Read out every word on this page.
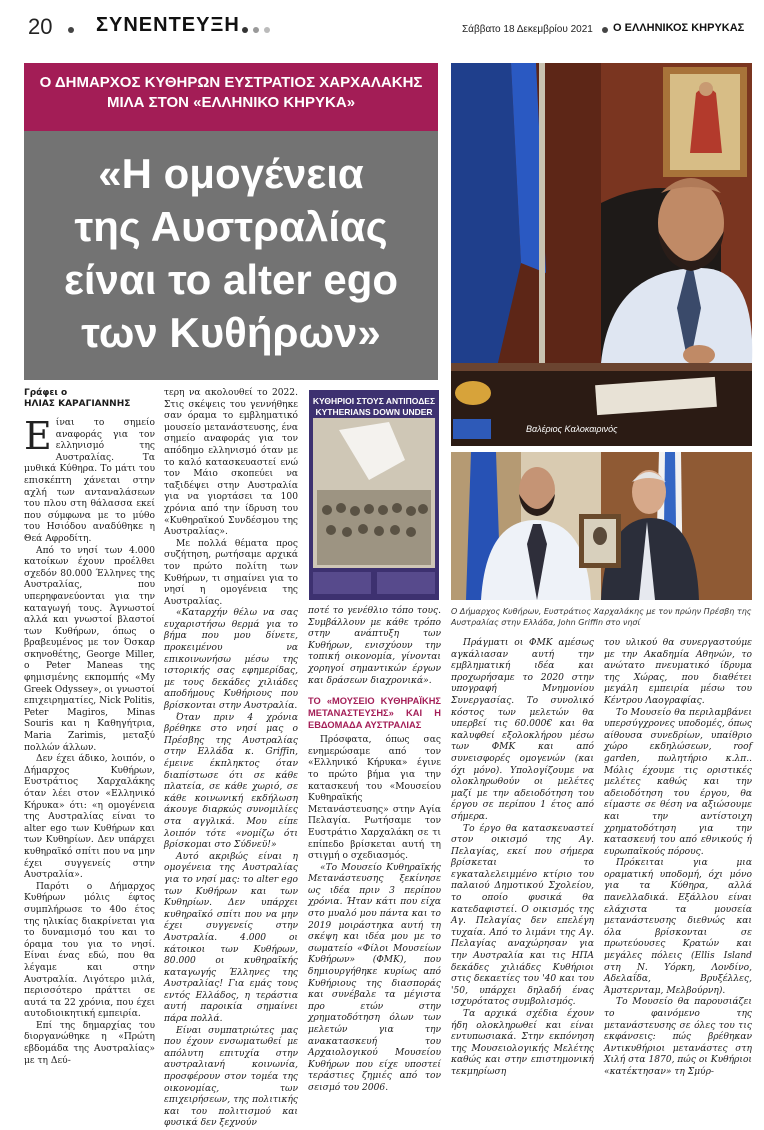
20 ΣΥΝΕΝΤΕΥΞΗ	Σάββατο 18 Δεκεμβρίου 2021 Ο ΕΛΛΗΝΙΚΟΣ ΚΗΡΥΚΑΣ
Ο ΔΗΜΑΡΧΟΣ ΚΥΘΗΡΩΝ ΕΥΣΤΡΑΤΙΟΣ ΧΑΡΧΑΛΑΚΗΣ
ΜΙΛΑ ΣΤΟΝ «ΕΛΛΗΝΙΚΟ ΚΗΡΥΚΑ»
«Η ομογένεια
της Αυστραλίας
είναι το alter ego
των Κυθήρων»
Βαλέριος Καλοκαιρινός
Ο Δήμαρχος Κυθήρων, Ευστράτιος Χαρχαλάκης με τον πρώην Πρέσβη της Αυστραλίας στην Ελλάδα, John Griffin στο νησί
ΚΥΘΗΡΙΟΙ ΣΤΟΥΣ ΑΝΤΙΠΟΔΕΣ
KYTHERIANS DOWN UNDER
Γράφει ο
ΗΛΙΑΣ ΚΑΡΑΓΙΑΝΝΗΣ

Είναι το σημείο αναφοράς για τον ελληνισμό της Αυστραλίας. Τα μυθικά Κύθηρα. Το μάτι του επισκέπτη χάνεται στην αχλή των ανταναλάσεων του πλου στη θάλασσα εκεί που σύμφωνα με το μύθο του Ησιόδου αναδύθηκε η Θεά Αφροδίτη.

Από το νησί των 4.000 κατοίκων έχουν προέλθει σχεδόν 80.000 Έλληνες της Αυστραλίας, που υπερηφανεύονται για την καταγωγή τους. Άγνωστοί αλλά και γνωστοί βλαστοί των Κυθήρων, όπως ο βραβευμένος με τον Όσκαρ σκηνοθέτης, George Miller, ο Peter Maneas της φημισμένης εκπομπής «My Greek Odyssey», οι γνωστοί επιχειρηματίες, Nick Politis, Peter Magiros, Minas Souris και η Καθηγήτρια, Maria Zarimis, μεταξύ πολλών άλλων.

Δεν έχει άδικο, λοιπόν, ο Δήμαρχος Κυθήρων, Ευστράτιος Χαρχαλάκης όταν λέει στον «Ελληνικό Κήρυκα» ότι: «η ομογένεια της Αυστραλίας είναι το alter ego των Κυθήρων και των Κυθηρίων. Δεν υπάρχει κυθηραϊκό σπίτι που να μην έχει συγγενείς στην Αυστραλία».

Παρότι ο Δήμαρχος Κυθήρων μόλις έφτος συμπλήρωσε το 40ο έτος της ηλικίας διακρίνεται για το δυναμισμό του και το όραμα του για το νησί. Είναι ένας εδώ, που θα λέγαμε και στην Αυστραλία. Λιγότερο μιλά, περισσότερο πράττει σε αυτά τα 22 χρόνια, που έχει αυτοδιοικητική εμπειρία.

Επί της δημαρχίας του διοργανώθηκε η «Πρώτη εβδομάδα της Αυστραλίας» με τη Δεύ-

τερη να ακολουθεί το 2022. Στις σκέψεις του γεννήθηκε σαν όραμα το εμβληματικό μουσείο μετανάστευσης, ένα σημείο αναφοράς για τον απόδημο ελληνισμό όταν με το καλό κατασκευαστεί ενώ τον Μάιο σκοπεύει να ταξιδέψει στην Αυστραλία για να γιορτάσει τα 100 χρόνια από την ίδρυση του «Κυθηραϊκού Συνδέσμου της Αυστραλίας».

Με πολλά θέματα προς συζήτηση, ρωτήσαμε αρχικά τον πρώτο πολίτη των Κυθήρων, τι σημαίνει για το νησί η ομογένεια της Αυστραλίας.

«Καταρχήν θέλω να σας ευχαριστήσω θερμά για το βήμα που μου δίνετε, προκειμένου να επικοινωνήσω μέσω της ιστορικής σας εφημερίδας, με τους δεκάδες χιλιάδες αποδήμους Κυθήριους που βρίσκονται στην Αυστραλία.

Όταν πριν 4 χρόνια βρέθηκε στο νησί μας ο Πρέσβης της Αυστραλίας στην Ελλάδα κ. Griffin, έμεινε έκπληκτος όταν διαπίστωσε ότι σε κάθε πλατεία, σε κάθε χωριό, σε κάθε κοινωνική εκδήλωση άκουγε διαρκώς συνομιλίες στα αγγλικά. Μου είπε λοιπόν τότε «νομίζω ότι βρίσκομαι στο Σύδνεϋ!»

Αυτό ακριβώς είναι η ομογένεια της Αυστραλίας για το νησί μας: το alter ego των Κυθήρων και των Κυθηρίων. Δεν υπάρχει κυθηραϊκό σπίτι που να μην έχει συγγενείς στην Αυστραλία. 4.000 οι κάτοικοι των Κυθήρων, 80.000 οι κυθηραϊκής καταγωγής Έλληνες της Αυστραλίας! Για εμάς τους εντός Ελλάδος, η τεράστια αυτή παροικία σημαίνει πάρα πολλά.

Είναι συμπατριώτες μας που έχουν ενσωματωθεί με απόλυτη επιτυχία στην αυστραλιανή κοινωνία, προσφέρουν στον τομέα της οικονομίας, των επιχειρήσεων, της πολιτικής και του πολιτισμού και φυσικά δεν ξεχνούν

ποτέ το γενέθλιο τόπο τους. Συμβάλλουν με κάθε τρόπο στην ανάπτυξη των Κυθήρων, ενισχύουν την τοπική οικονομία, γίνονται χορηγοί σημαντικών έργων και δράσεων διαχρονικά».

ΤΟ «ΜΟΥΣΕΙΟ ΚΥΘΗΡΑΪΚΗΣ ΜΕΤΑΝΑΣΤΕΥΣΗΣ» ΚΑΙ Η ΕΒΔΟΜΑΔΑ ΑΥΣΤΡΑΛΙΑΣ

Πρόσφατα, όπως σας ενημερώσαμε από τον «Ελληνικό Κήρυκα» έγινε το πρώτο βήμα για την κατασκευή του «Μουσείου Κυθηραϊκής Μετανάστευσης» στην Αγία Πελαγία. Ρωτήσαμε τον Ευστράτιο Χαρχαλάκη σε τι επίπεδο βρίσκεται αυτή τη στιγμή ο σχεδιασμός.

«Το Μουσείο Κυθηραϊκής Μετανάστευσης ξεκίνησε ως ιδέα πριν 3 περίπου χρόνια. Ήταν κάτι που είχα στο μυαλό μου πάντα και το 2019 μοιράστηκα αυτή τη σκέψη και ιδέα μου με το σωματείο «Φίλοι Μουσείων Κυθήρων» (ΦΜΚ), που δημιουργήθηκε κυρίως από Κυθήριους της διασποράς και συνέβαλε τα μέγιστα προ ετών στην χρηματοδότηση όλων των μελετών για την ανακατασκευή του Αρχαιολογικού Μουσείου Κυθήρων που είχε υποστεί τεράστιες ζημιές από τον σεισμό του 2006.

Πράγματι οι ΦΜΚ αμέσως αγκάλιασαν αυτή την εμβληματική ιδέα και προχωρήσαμε το 2020 στην υπογραφή Μνημονίου Συνεργασίας. Το συνολικό κόστος των μελετών θα υπερβεί τις 60.000€ και θα καλυφθεί εξολοκλήρου μέσω των ΦΜΚ και από συνεισφορές ομογενών (και όχι μόνο). Υπολογίζουμε να ολοκληρωθούν οι μελέτες μαζί με την αδειοδότηση του έργου σε περίπου 1 έτος από σήμερα.

Το έργο θα κατασκευαστεί στον οικισμό της Αγ. Πελαγίας, εκεί που σήμερα βρίσκεται το εγκαταλελειμμένο κτίριο του παλαιού Δημοτικού Σχολείου, το οποίο φυσικά θα κατεδαφιστεί. Ο οικισμός της Αγ. Πελαγίας δεν επελέγη τυχαία. Από το λιμάνι της Αγ. Πελαγίας αναχώρησαν για την Αυστραλία και τις ΗΠΑ δεκάδες χιλιάδες Κυθήριοι στις δεκαετίες του '40 και του '50, υπάρχει δηλαδή ένας ισχυρότατος συμβολισμός.

Τα αρχικά σχέδια έχουν ήδη ολοκληρωθεί και είναι εντυπωσιακά. Στην εκπόνηση της Μουσειολογικής Μελέτης καθώς και στην επιστημονική τεκμηρίωση

του υλικού θα συνεργαστούμε με την Ακαδημία Αθηνών, το ανώτατο πνευματικό ίδρυμα της Χώρας, που διαθέτει μεγάλη εμπειρία μέσω του Κέντρου Λαογραφίας.

Το Μουσείο θα περιλαμβάνει υπερσύγχρονες υποδομές, όπως αίθουσα συνεδρίων, υπαίθριο χώρο εκδηλώσεων, roof garden, πωλητήριο κ.λπ.. Μόλις έχουμε τις οριστικές μελέτες καθώς και την αδειοδότηση του έργου, θα είμαστε σε θέση να αξιώσουμε και την αντίστοιχη χρηματοδότηση για την κατασκευή του από εθνικούς ή ευρωπαϊκούς πόρους.

Πρόκειται για μια οραματική υποδομή, όχι μόνο για τα Κύθηρα, αλλά πανελλαδικά. Εξάλλου είναι ελάχιστα τα μουσεία μετανάστευσης διεθνώς και όλα βρίσκονται σε πρωτεύουσες Κρατών και μεγάλες πόλεις (Ellis Island στη Ν. Υόρκη, Λονδίνο, Αδελαΐδα, Βρυξέλλες, Άμστερνταμ, Μελβούρνη).

Το Μουσείο θα παρουσιάζει το φαινόμενο της μετανάστευσης σε όλες του τις εκφάνσεις: πώς βρέθηκαν Αντικυθήριοι μετανάστες στη Χιλή στα 1870, πώς οι Κυθήριοι «κατέκτησαν» τη Σμύρ-
